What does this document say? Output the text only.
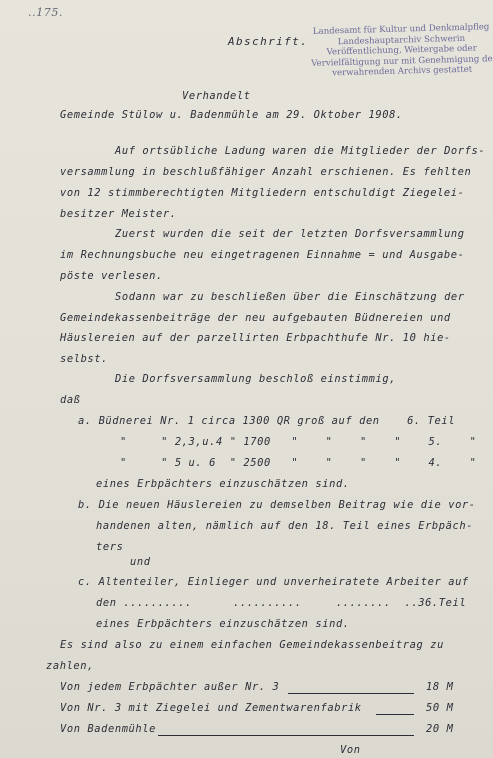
..175.
Abschrift.
Landesamt für Kultur und Denkmalpfleg
Landeshauptarchiv Schwerin
Veröffentlichung, Weitergabe oder
Vervielfältigung nur mit Genehmigung de
verwahrenden Archivs gestattet
Verhandelt
Gemeinde Stülow u. Badenmühle am 29. Oktober 1908.
Auf ortsübliche Ladung waren die Mitglieder der Dorfs-
versammlung in beschlußfähiger Anzahl erschienen. Es fehlten
von 12 stimmberechtigten Mitgliedern entschuldigt Ziegelei-
besitzer Meister.
Zuerst wurden die seit der letzten Dorfsversammlung
im Rechnungsbuche neu eingetragenen Einnahme = und Ausgabe-
pöste verlesen.
Sodann war zu beschließen über die Einschätzung der
Gemeindekassenbeiträge der neu aufgebauten Büdnereien und
Häuslereien auf der parzellirten Erbpachthufe Nr. 10 hie-
selbst.
Die Dorfsversammlung beschloß einstimmig,
daß
a. Büdnerei Nr. 1 circa 1300 QR groß auf den    6. Teil
"     " 2,3,u.4 " 1700   "    "    "    "    5.    "
"     " 5 u. 6  " 2500   "    "    "    "    4.    "
eines Erbpächters einzuschätzen sind.
b. Die neuen Häuslereien zu demselben Beitrag wie die vor-
handenen alten, nämlich auf den 18. Teil eines Erbpäch-
ters
und
c. Altenteiler, Einlieger und unverheiratete Arbeiter auf
den ..........      ..........     ........  ..36.Teil
eines Erbpächters einzuschätzen sind.
Es sind also zu einem einfachen Gemeindekassenbeitrag zu
zahlen,
Von jedem Erbpächter außer Nr. 3	18 M
Von Nr. 3 mit Ziegelei und Zementwarenfabrik	50 M
Von Badenmühle	20 M
Von
